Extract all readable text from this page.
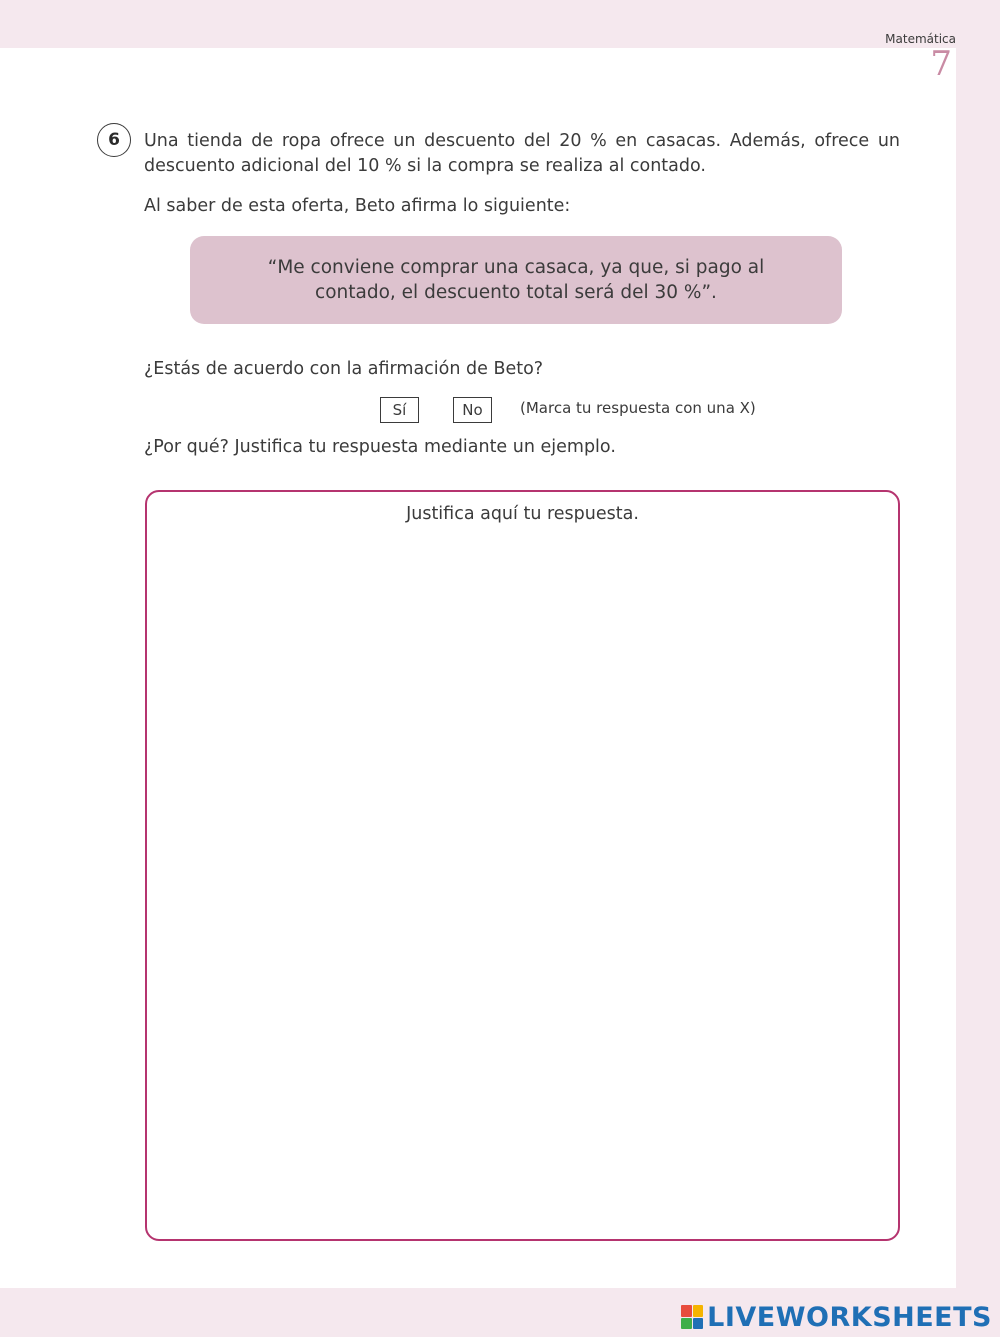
Matemática
7
6	Una tienda de ropa ofrece un descuento del 20 % en casacas. Además, ofrece un descuento adicional del 10 % si la compra se realiza al contado.
Al saber de esta oferta, Beto afirma lo siguiente:
“Me conviene comprar una casaca, ya que, si pago al contado, el descuento total será del 30 %”.
¿Estás de acuerdo con la afirmación de Beto?
Sí	No	(Marca tu respuesta con una X)
¿Por qué? Justifica tu respuesta mediante un ejemplo.
Justifica aquí tu respuesta.
LIVEWORKSHEETS
